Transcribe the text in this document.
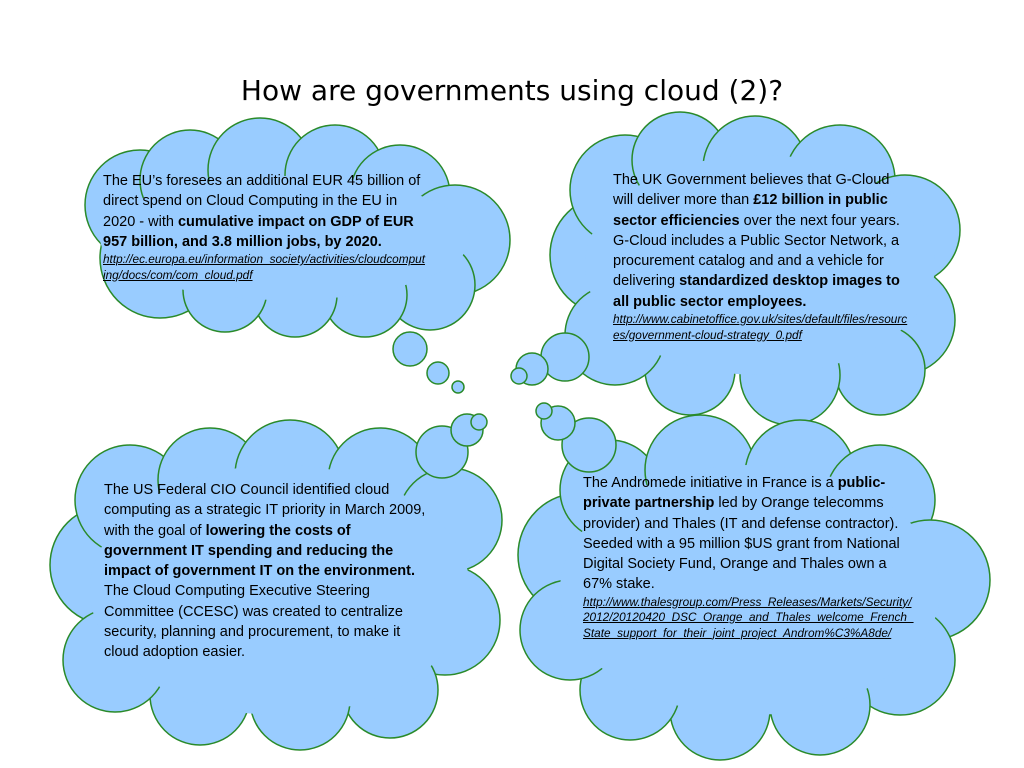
How are governments using cloud (2)?
The EU’s foresees an additional EUR 45 billion of direct spend on Cloud Computing in the EU in 2020 - with cumulative impact on GDP of EUR 957 billion, and 3.8 million jobs, by 2020.
http://ec.europa.eu/information_society/activities/cloudcomputing/docs/com/com_cloud.pdf
The UK Government believes that G-Cloud will deliver more than £12 billion in public sector efficiencies over the next four years. G-Cloud includes a Public Sector Network, a procurement catalog and and a vehicle for delivering standardized desktop images to all public sector employees.
http://www.cabinetoffice.gov.uk/sites/default/files/resources/government-cloud-strategy_0.pdf
The US Federal CIO Council identified cloud computing as a strategic IT priority in March 2009, with the goal of lowering the costs of government IT spending and reducing the impact of government IT on the environment. The Cloud Computing Executive Steering Committee (CCESC) was created to centralize security, planning and procurement, to make it cloud adoption easier.
The Andromede initiative in France is a public-private partnership led by Orange telecomms provider) and Thales (IT and defense contractor). Seeded with a 95 million $US grant from National Digital Society Fund, Orange and Thales own a 67% stake.
http://www.thalesgroup.com/Press_Releases/Markets/Security/2012/20120420_DSC_Orange_and_Thales_welcome_French_State_support_for_their_joint_project_Androm%C3%A8de/
